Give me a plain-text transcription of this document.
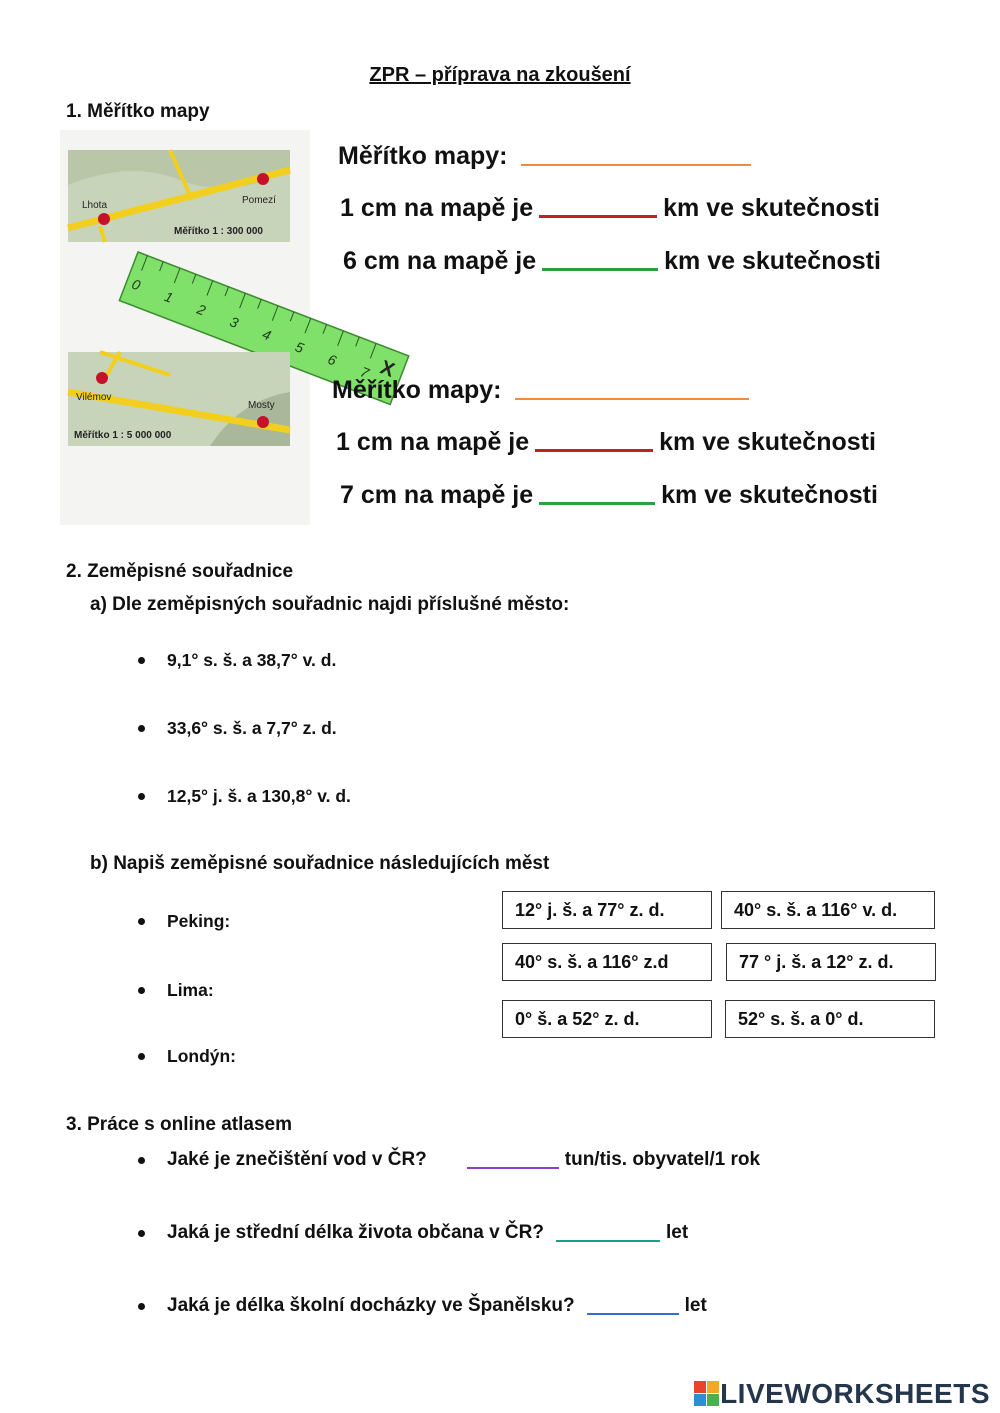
ZPR – příprava na zkoušení
1. Měřítko mapy
Lhota	Pomezí
Měřítko 1 : 300 000
0
1
2
3
4
5
6
7 X
Vilémov
Mosty
Měřítko 1 : 5 000 000
Měřítko mapy:
1 cm na mapě je	km ve skutečnosti
6 cm na mapě je	km ve skutečnosti
Měřítko mapy:
1 cm na mapě je	km ve skutečnosti
7 cm na mapě je	km ve skutečnosti
2. Zeměpisné souřadnice
a) Dle zeměpisných souřadnic najdi příslušné město:
9,1° s. š. a 38,7° v. d.
33,6° s. š. a 7,7° z. d.
12,5° j. š. a 130,8° v. d.
b) Napiš zeměpisné souřadnice následujících měst
Peking:
Lima:
Londýn:
12° j. š. a 77° z. d.	40° s. š. a 116° v. d.
40° s. š. a 116° z.d	77 ° j. š. a 12° z. d.
0° š. a 52° z. d.	52° s. š. a 0° d.
3. Práce s online atlasem
Jaké je znečištění vod v ČR?	tun/tis. obyvatel/1 rok
Jaká je střední délka života občana v ČR?	let
Jaká je délka školní docházky ve Španělsku?	let
LIVEWORKSHEETS
